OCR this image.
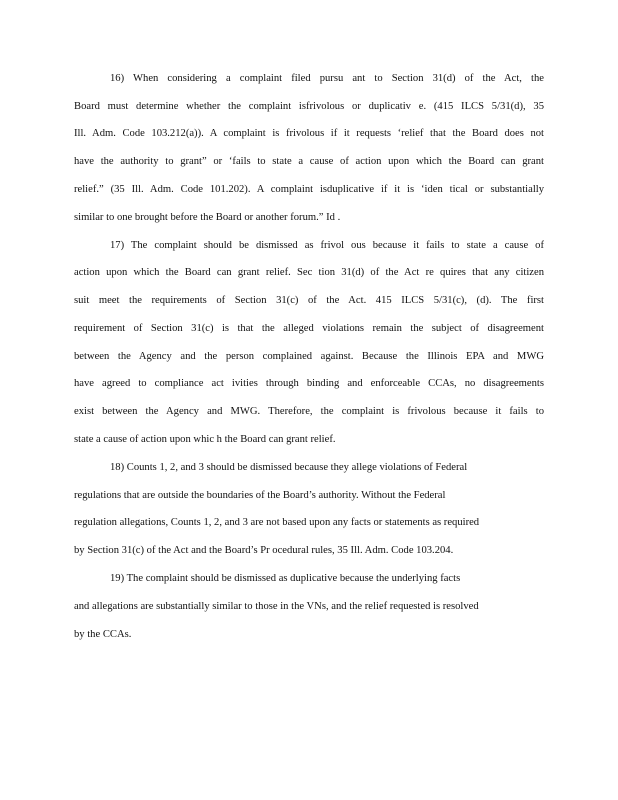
16) When considering a complaint filed pursu ant to Section 31(d) of the Act, the
Board must determine whether the complaint isfrivolous or duplicativ e. (415 ILCS 5/31(d), 35
Ill. Adm. Code 103.212(a)). A complaint is frivolous if it requests ‘relief that the Board does not
have the authority to grant” or ‘fails to state a cause of action upon which the Board can grant
relief.” (35 Ill. Adm. Code 101.202). A complaint isduplicative if it is ‘iden tical or substantially
similar to one brought before the Board or another forum.” Id .
17) The complaint should be dismissed as frivol ous because it fails to state a cause of
action upon which the Board can grant relief. Sec tion 31(d) of the Act re quires that any citizen
suit meet the requirements of Section 31(c) of the Act. 415 ILCS 5/31(c), (d). The first
requirement of Section 31(c) is that the alleged violations remain the subject of disagreement
between the Agency and the person complained against. Because the Illinois EPA and MWG
have agreed to compliance act ivities through binding and enforceable CCAs, no disagreements
exist between the Agency and MWG. Therefore, the complaint is frivolous because it fails to
state a cause of action upon whic h the Board can grant relief.
18) Counts 1, 2, and 3 should be dismissed because they allege violations of Federal
regulations that are outside the boundaries of the Board’s authority. Without the Federal
regulation allegations, Counts 1, 2, and 3 are not based upon any facts or statements as required
by Section 31(c) of the Act and the Board’s Pr ocedural rules, 35 Ill. Adm. Code 103.204.
19) The complaint should be dismissed as duplicative because the underlying facts
and allegations are substantially similar to those in the VNs, and the relief requested is resolved
by the CCAs.
